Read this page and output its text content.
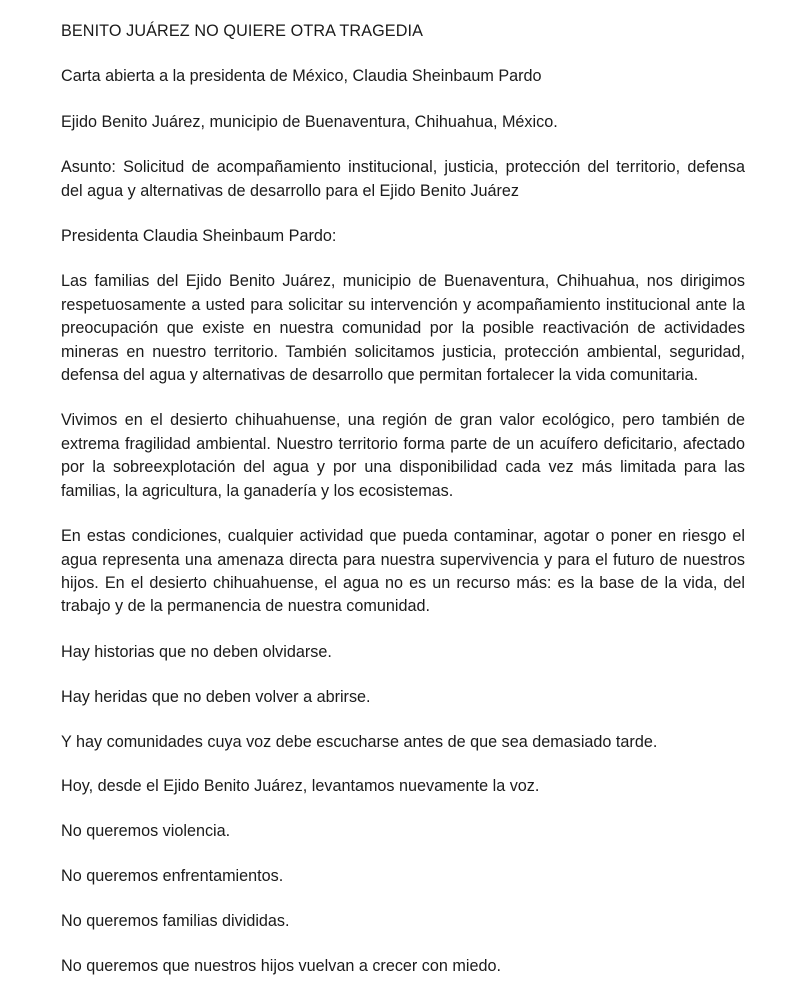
BENITO JUÁREZ NO QUIERE OTRA TRAGEDIA

Carta abierta a la presidenta de México, Claudia Sheinbaum Pardo

Ejido Benito Juárez, municipio de Buenaventura, Chihuahua, México.

Asunto: Solicitud de acompañamiento institucional, justicia, protección del territorio, defensa del agua y alternativas de desarrollo para el Ejido Benito Juárez

Presidenta Claudia Sheinbaum Pardo:

Las familias del Ejido Benito Juárez, municipio de Buenaventura, Chihuahua, nos dirigimos respetuosamente a usted para solicitar su intervención y acompañamiento institucional ante la preocupación que existe en nuestra comunidad por la posible reactivación de actividades mineras en nuestro territorio. También solicitamos justicia, protección ambiental, seguridad, defensa del agua y alternativas de desarrollo que permitan fortalecer la vida comunitaria.

Vivimos en el desierto chihuahuense, una región de gran valor ecológico, pero también de extrema fragilidad ambiental. Nuestro territorio forma parte de un acuífero deficitario, afectado por la sobreexplotación del agua y por una disponibilidad cada vez más limitada para las familias, la agricultura, la ganadería y los ecosistemas.

En estas condiciones, cualquier actividad que pueda contaminar, agotar o poner en riesgo el agua representa una amenaza directa para nuestra supervivencia y para el futuro de nuestros hijos. En el desierto chihuahuense, el agua no es un recurso más: es la base de la vida, del trabajo y de la permanencia de nuestra comunidad.

Hay historias que no deben olvidarse.

Hay heridas que no deben volver a abrirse.

Y hay comunidades cuya voz debe escucharse antes de que sea demasiado tarde.

Hoy, desde el Ejido Benito Juárez, levantamos nuevamente la voz.

No queremos violencia.

No queremos enfrentamientos.

No queremos familias divididas.

No queremos que nuestros hijos vuelvan a crecer con miedo.
